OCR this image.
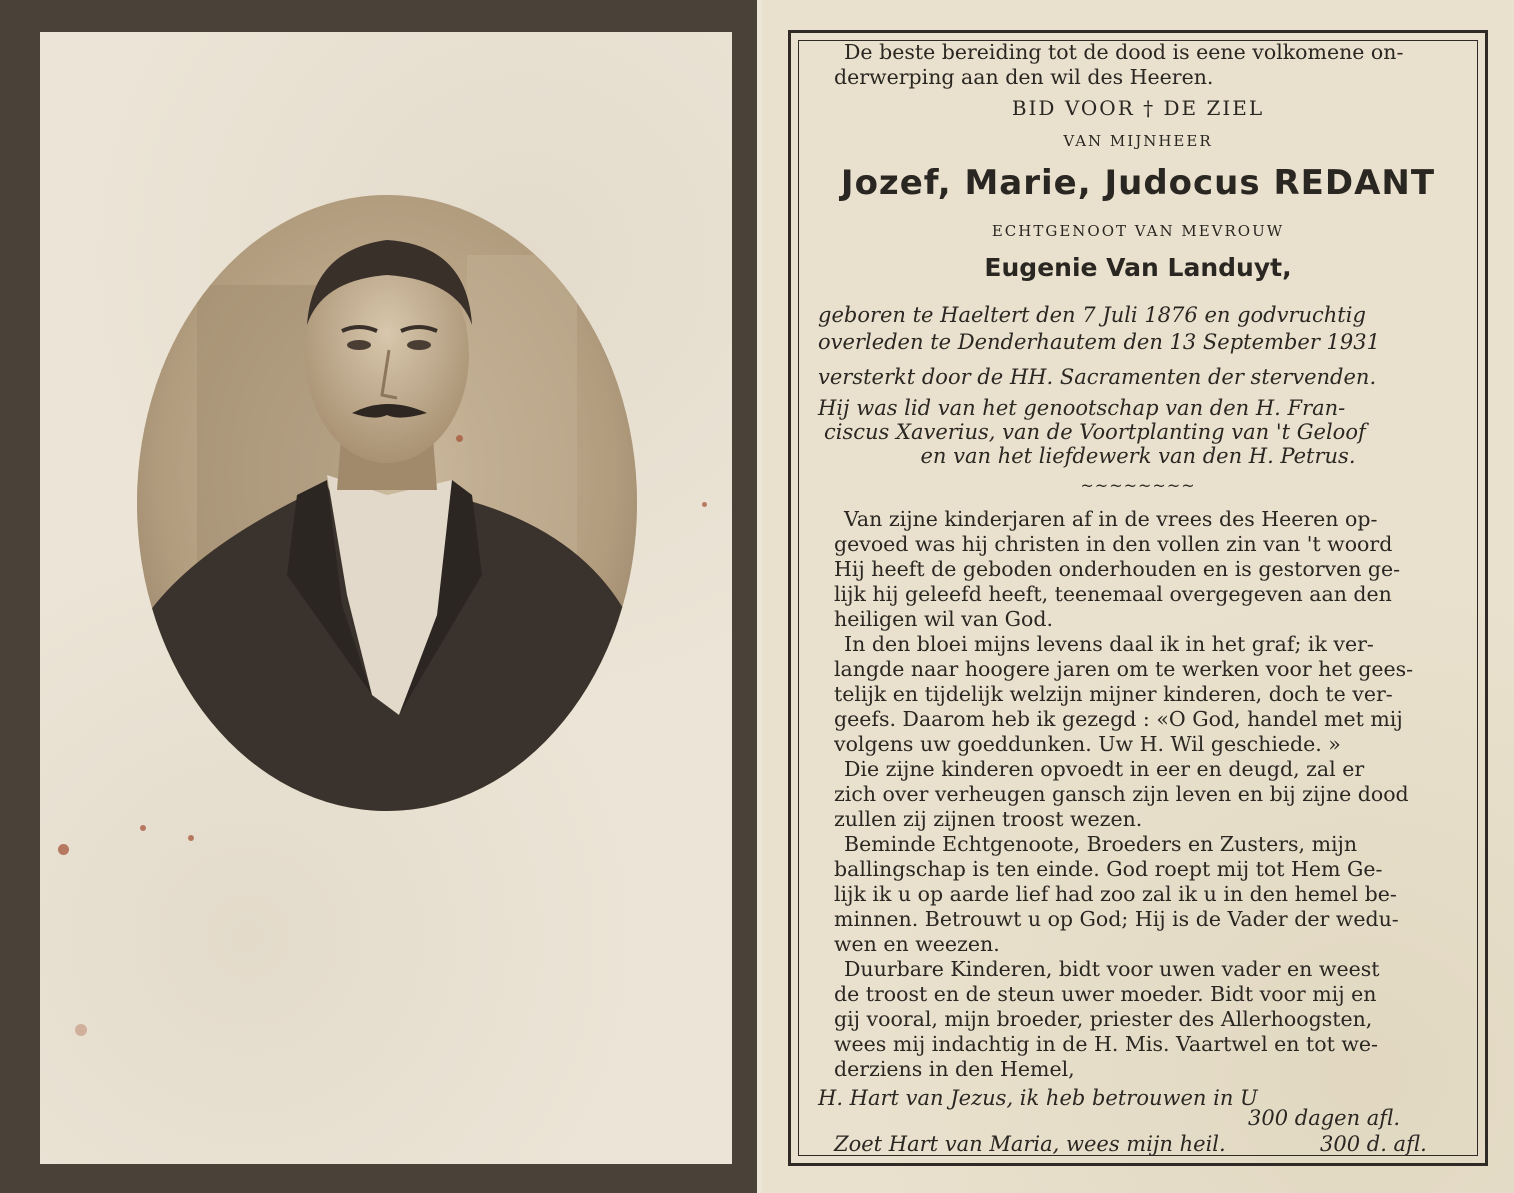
De beste bereiding tot de dood is eene volkomene on-
derwerping aan den wil des Heeren.
BID VOOR † DE ZIEL
VAN MIJNHEER
Jozef, Marie, Judocus REDANT
ECHTGENOOT VAN MEVROUW
Eugenie Van Landuyt,
geboren te Haeltert den 7 Juli 1876 en godvruchtig
overleden te Denderhautem den 13 September 1931
versterkt door de HH. Sacramenten der stervenden.
Hij was lid van het genootschap van den H. Fran-
ciscus Xaverius, van de Voortplanting van 't Geloof
en van het liefdewerk van den H. Petrus.
~~~~~~~~
Van zijne kinderjaren af in de vrees des Heeren op-
gevoed was hij christen in den vollen zin van 't woord
Hij heeft de geboden onderhouden en is gestorven ge-
lijk hij geleefd heeft, teenemaal overgegeven aan den
heiligen wil van God.
In den bloei mijns levens daal ik in het graf; ik ver-
langde naar hoogere jaren om te werken voor het gees-
telijk en tijdelijk welzijn mijner kinderen, doch te ver-
geefs. Daarom heb ik gezegd : «O God, handel met mij
volgens uw goeddunken. Uw H. Wil geschiede. »
Die zijne kinderen opvoedt in eer en deugd, zal er
zich over verheugen gansch zijn leven en bij zijne dood
zullen zij zijnen troost wezen.
Beminde Echtgenoote, Broeders en Zusters, mijn
ballingschap is ten einde. God roept mij tot Hem Ge-
lijk ik u op aarde lief had zoo zal ik u in den hemel be-
minnen. Betrouwt u op God; Hij is de Vader der wedu-
wen en weezen.
Duurbare Kinderen, bidt voor uwen vader en weest
de troost en de steun uwer moeder. Bidt voor mij en
gij vooral, mijn broeder, priester des Allerhoogsten,
wees mij indachtig in de H. Mis. Vaartwel en tot we-
derziens in den Hemel,
H. Hart van Jezus, ik heb betrouwen in U
300 dagen afl.
Zoet Hart van Maria, wees mijn heil.	300 d. afl.
